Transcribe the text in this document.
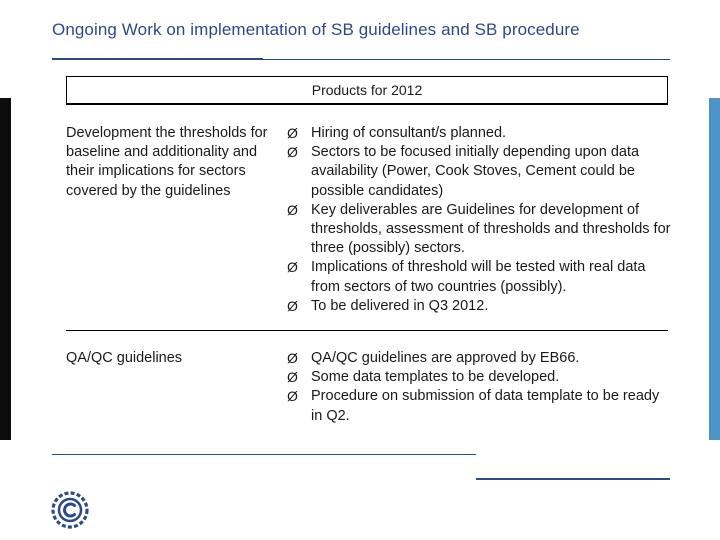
Ongoing Work on implementation of SB guidelines and SB procedure
Products for 2012
Development the thresholds for baseline and additionality and their implications for sectors covered by the guidelines
Ø Hiring of consultant/s planned.
Ø Sectors to be focused initially depending upon data availability (Power, Cook Stoves, Cement could be possible candidates)
Ø Key deliverables are Guidelines for development of thresholds, assessment of thresholds and thresholds for three (possibly) sectors.
Ø Implications of threshold will be tested with real data from sectors of two countries (possibly).
Ø To be delivered in Q3 2012.
QA/QC guidelines	Ø QA/QC guidelines are approved by EB66.
Ø Some data templates to be developed.
Ø Procedure on submission of data template to be ready in Q2.
